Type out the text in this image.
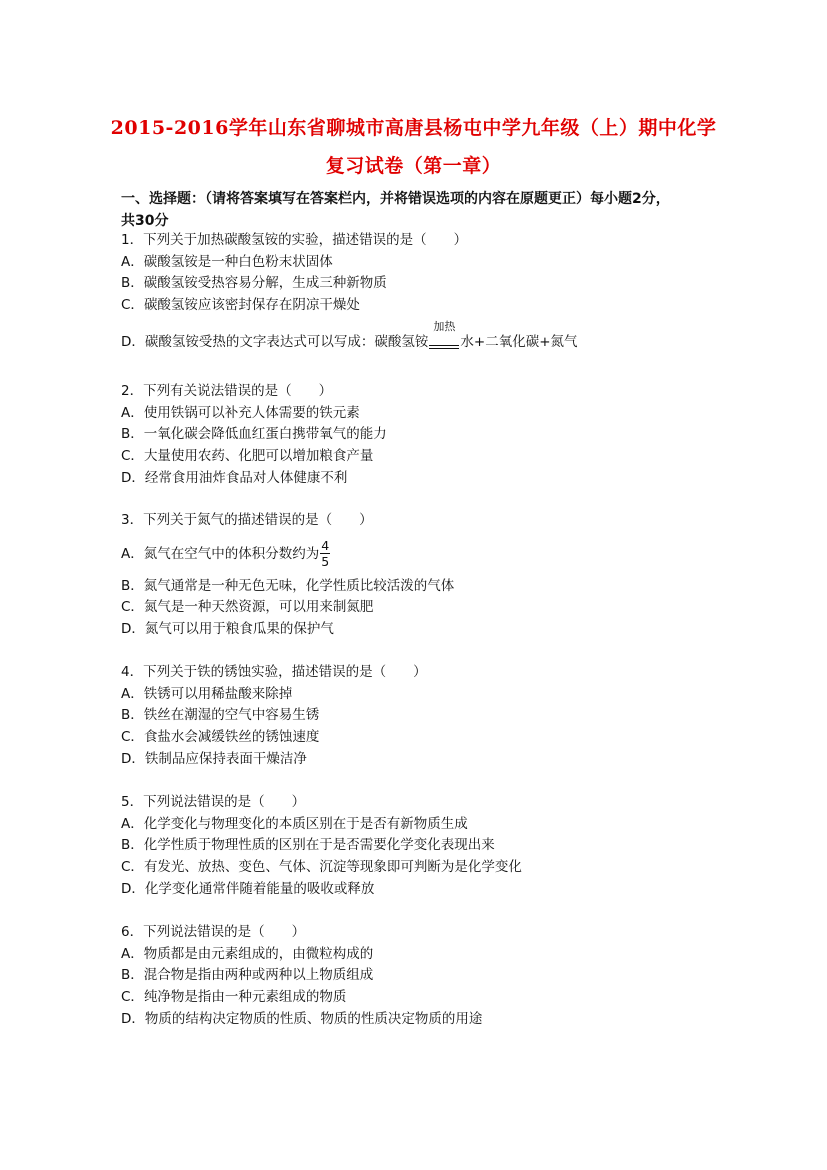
2015-2016学年山东省聊城市高唐县杨屯中学九年级（上）期中化学
复习试卷（第一章）
一、选择题：（请将答案填写在答案栏内，并将错误选项的内容在原题更正）每小题2分，
共30分
1．下列关于加热碳酸氢铵的实验，描述错误的是（　　）
A．碳酸氢铵是一种白色粉末状固体
B．碳酸氢铵受热容易分解，生成三种新物质
C．碳酸氢铵应该密封保存在阴凉干燥处
D．碳酸氢铵受热的文字表达式可以写成：碳酸氢铵
加热
水+二氧化碳+氮气
2．下列有关说法错误的是（　　）
A．使用铁锅可以补充人体需要的铁元素
B．一氧化碳会降低血红蛋白携带氧气的能力
C．大量使用农药、化肥可以增加粮食产量
D．经常食用油炸食品对人体健康不利
3．下列关于氮气的描述错误的是（　　）
A．氮气在空气中的体积分数约为 $\frac{4}{5}$
B．氮气通常是一种无色无味，化学性质比较活泼的气体
C．氮气是一种天然资源，可以用来制氮肥
D．氮气可以用于粮食瓜果的保护气
4．下列关于铁的锈蚀实验，描述错误的是（　　）
A．铁锈可以用稀盐酸来除掉
B．铁丝在潮湿的空气中容易生锈
C．食盐水会减缓铁丝的锈蚀速度
D．铁制品应保持表面干燥洁净
5．下列说法错误的是（　　）
A．化学变化与物理变化的本质区别在于是否有新物质生成
B．化学性质于物理性质的区别在于是否需要化学变化表现出来
C．有发光、放热、变色、气体、沉淀等现象即可判断为是化学变化
D．化学变化通常伴随着能量的吸收或释放
6．下列说法错误的是（　　）
A．物质都是由元素组成的，由微粒构成的
B．混合物是指由两种或两种以上物质组成
C．纯净物是指由一种元素组成的物质
D．物质的结构决定物质的性质、物质的性质决定物质的用途
